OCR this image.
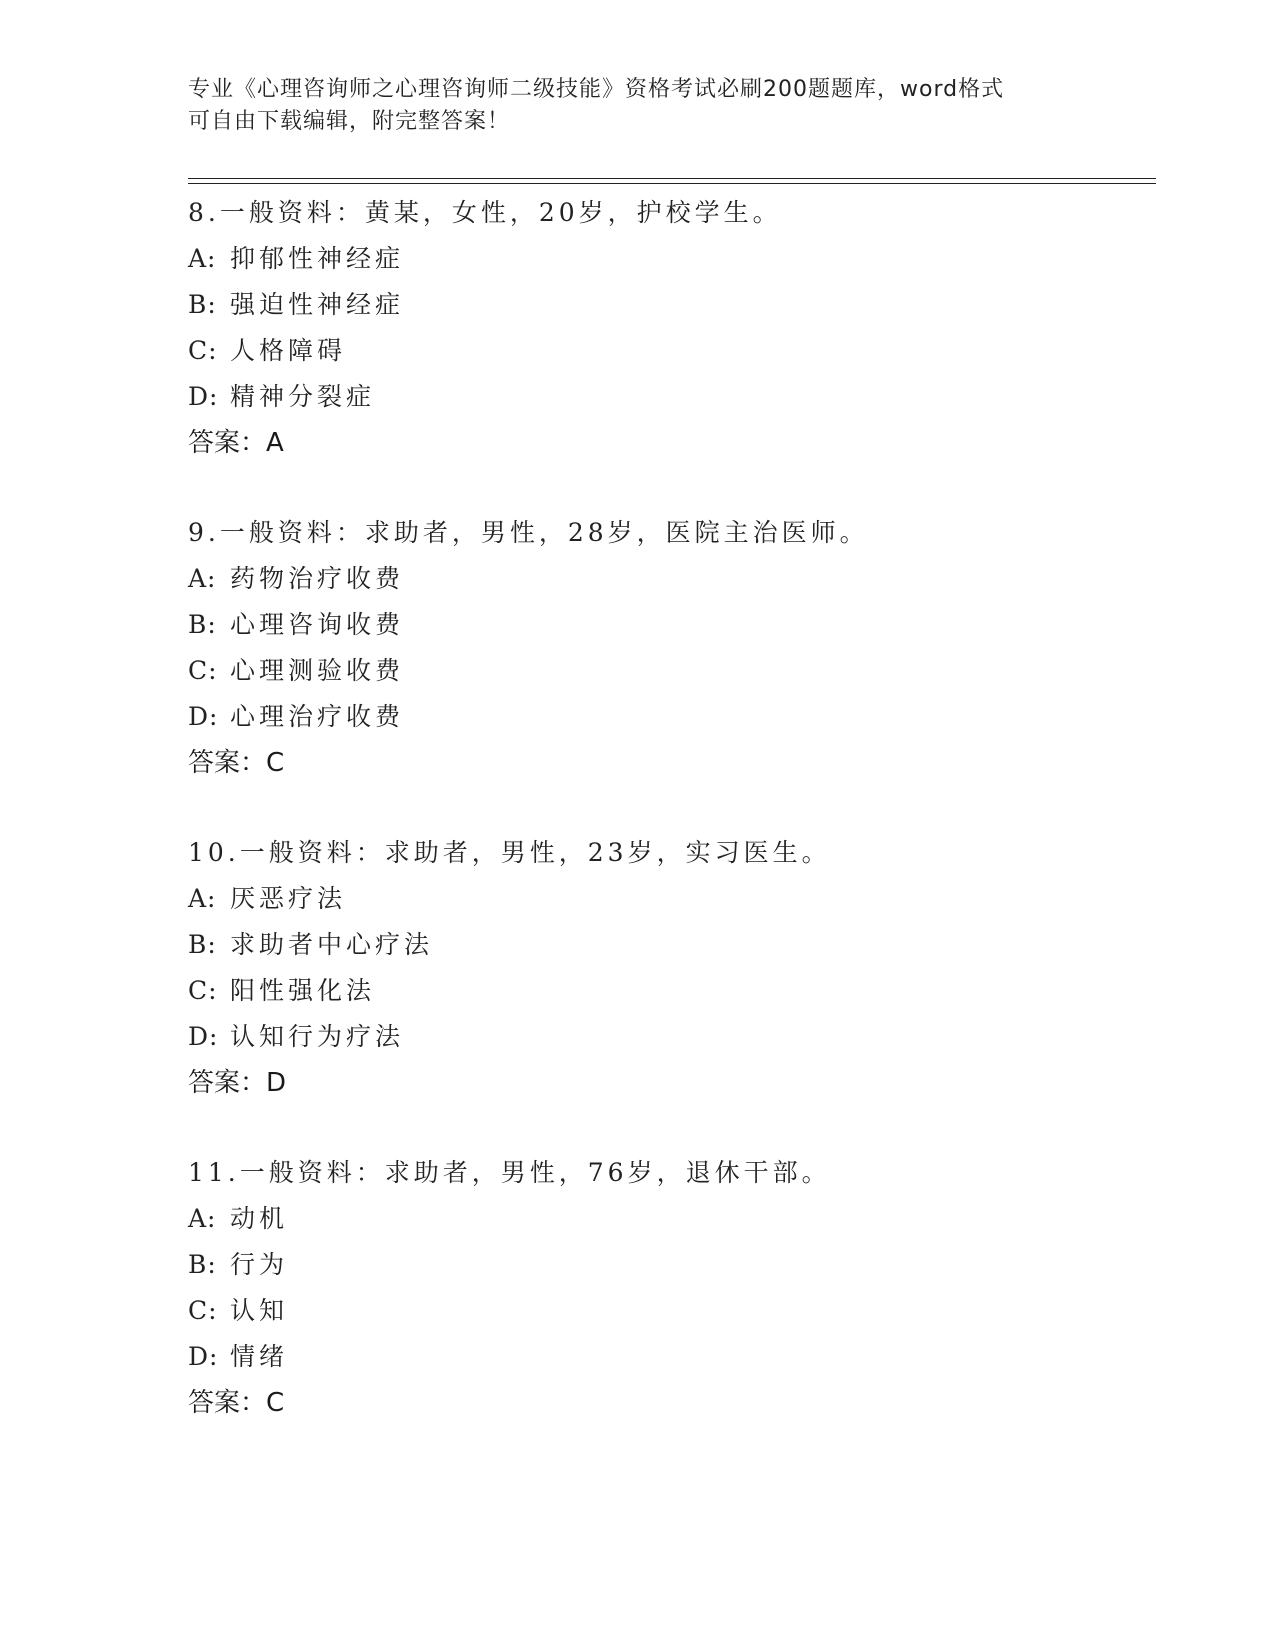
专业《心理咨询师之心理咨询师二级技能》资格考试必刷200题题库，word格式
可自由下载编辑，附完整答案！
8.一般资料：黄某，女性，20岁，护校学生。
A: 抑郁性神经症
B: 强迫性神经症
C: 人格障碍
D: 精神分裂症
答案：A
9.一般资料：求助者，男性，28岁，医院主治医师。
A: 药物治疗收费
B: 心理咨询收费
C: 心理测验收费
D: 心理治疗收费
答案：C
10.一般资料：求助者，男性，23岁，实习医生。
A: 厌恶疗法
B: 求助者中心疗法
C: 阳性强化法
D: 认知行为疗法
答案：D
11.一般资料：求助者，男性，76岁，退休干部。
A: 动机
B: 行为
C: 认知
D: 情绪
答案：C
